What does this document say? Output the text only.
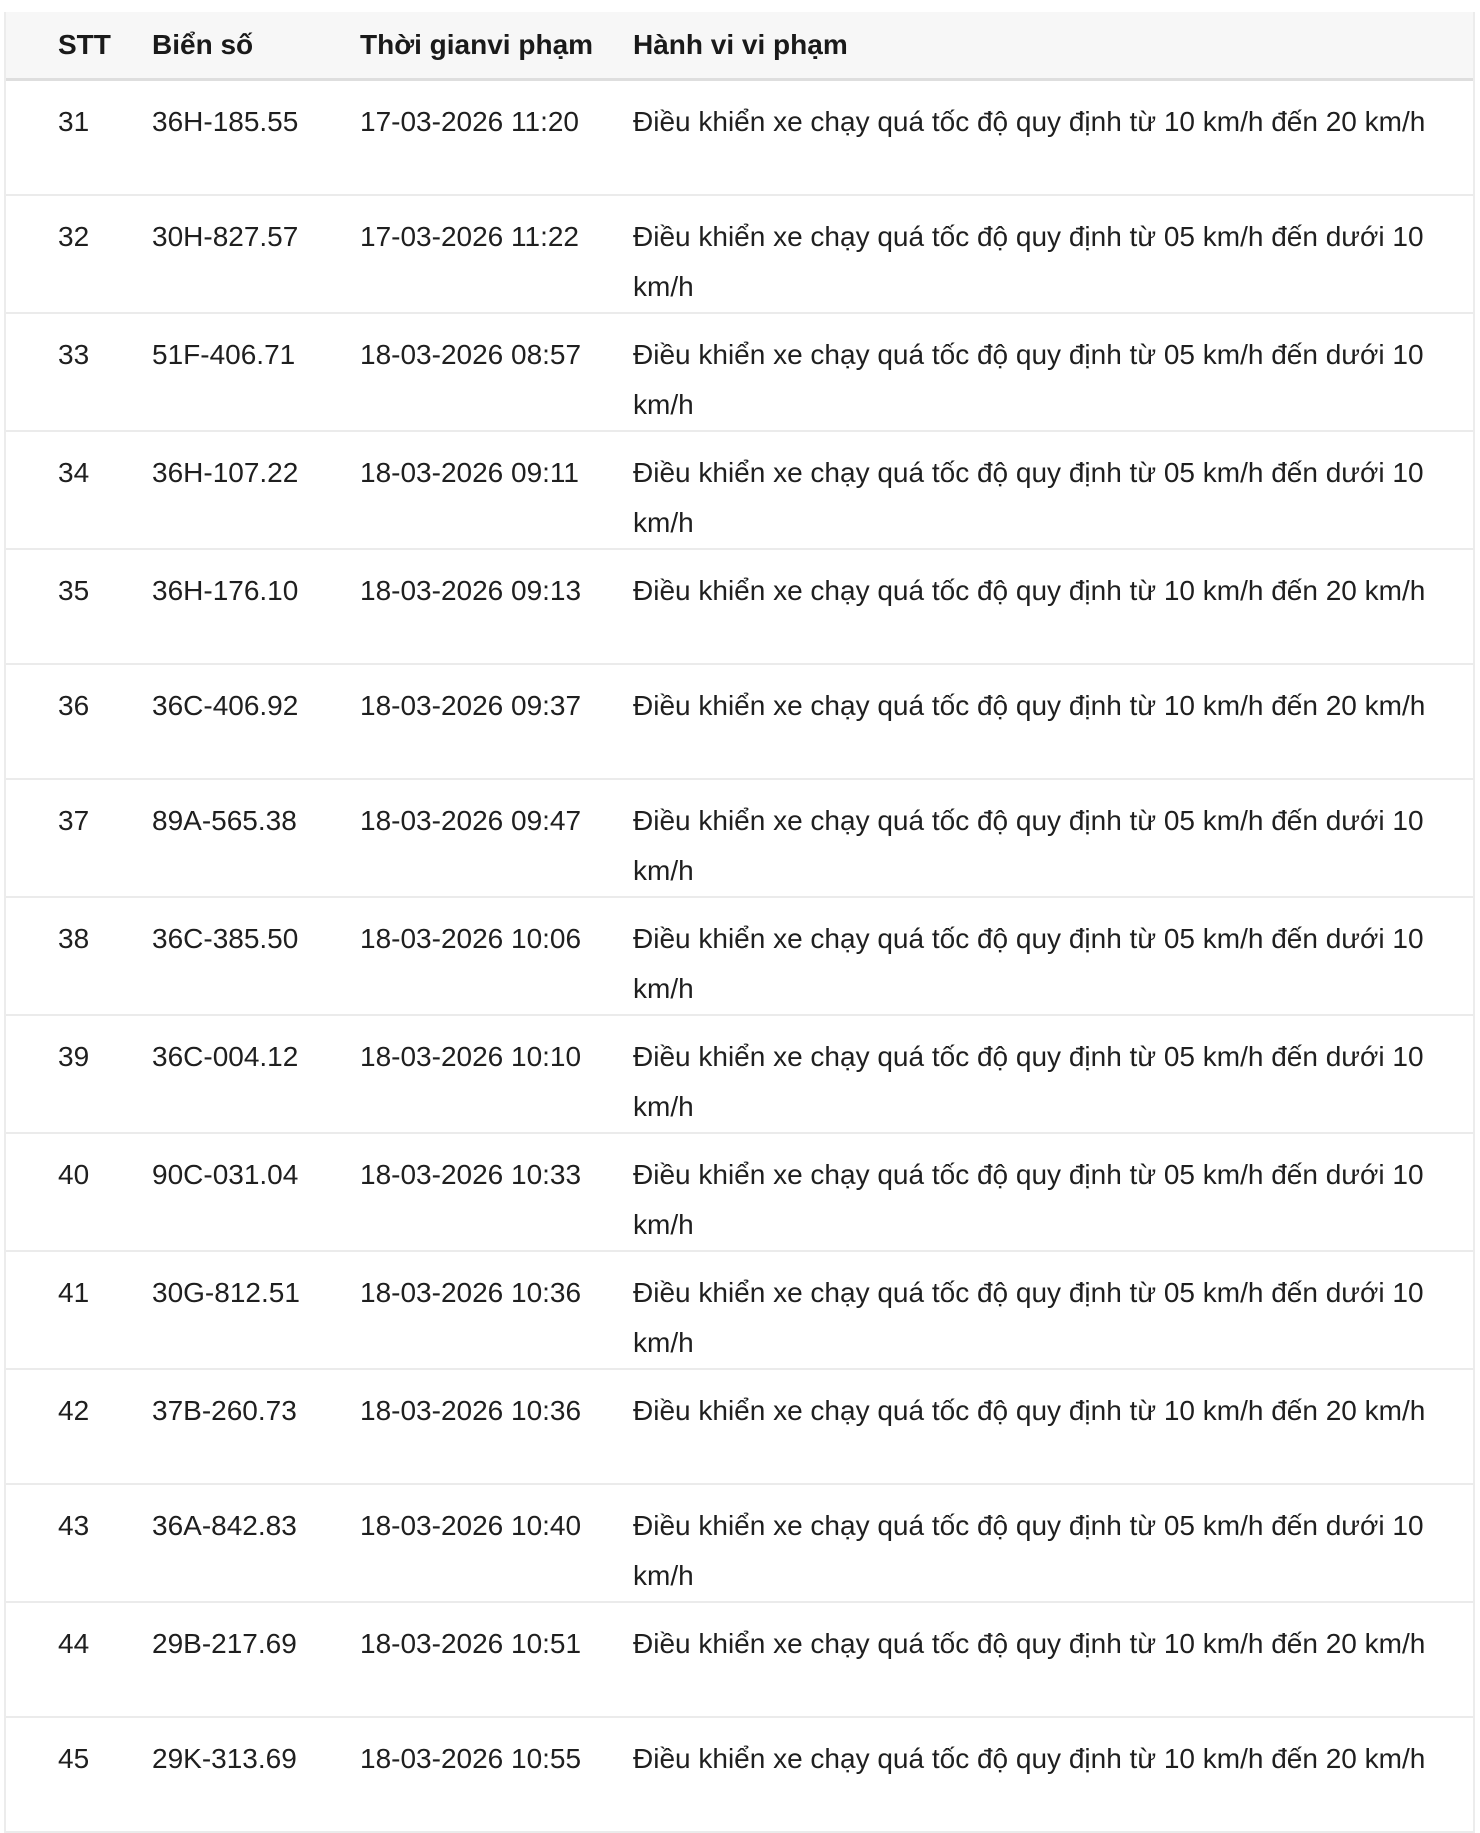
STT	Biển số	Thời gianvi phạm	Hành vi vi phạm
31	36H-185.55	17-03-2026 11:20	Điều khiển xe chạy quá tốc độ quy định từ 10 km/h đến 20 km/h
32	30H-827.57	17-03-2026 11:22	Điều khiển xe chạy quá tốc độ quy định từ 05 km/h đến dưới 10 km/h
33	51F-406.71	18-03-2026 08:57	Điều khiển xe chạy quá tốc độ quy định từ 05 km/h đến dưới 10 km/h
34	36H-107.22	18-03-2026 09:11	Điều khiển xe chạy quá tốc độ quy định từ 05 km/h đến dưới 10 km/h
35	36H-176.10	18-03-2026 09:13	Điều khiển xe chạy quá tốc độ quy định từ 10 km/h đến 20 km/h
36	36C-406.92	18-03-2026 09:37	Điều khiển xe chạy quá tốc độ quy định từ 10 km/h đến 20 km/h
37	89A-565.38	18-03-2026 09:47	Điều khiển xe chạy quá tốc độ quy định từ 05 km/h đến dưới 10 km/h
38	36C-385.50	18-03-2026 10:06	Điều khiển xe chạy quá tốc độ quy định từ 05 km/h đến dưới 10 km/h
39	36C-004.12	18-03-2026 10:10	Điều khiển xe chạy quá tốc độ quy định từ 05 km/h đến dưới 10 km/h
40	90C-031.04	18-03-2026 10:33	Điều khiển xe chạy quá tốc độ quy định từ 05 km/h đến dưới 10 km/h
41	30G-812.51	18-03-2026 10:36	Điều khiển xe chạy quá tốc độ quy định từ 05 km/h đến dưới 10 km/h
42	37B-260.73	18-03-2026 10:36	Điều khiển xe chạy quá tốc độ quy định từ 10 km/h đến 20 km/h
43	36A-842.83	18-03-2026 10:40	Điều khiển xe chạy quá tốc độ quy định từ 05 km/h đến dưới 10 km/h
44	29B-217.69	18-03-2026 10:51	Điều khiển xe chạy quá tốc độ quy định từ 10 km/h đến 20 km/h
45	29K-313.69	18-03-2026 10:55	Điều khiển xe chạy quá tốc độ quy định từ 10 km/h đến 20 km/h
